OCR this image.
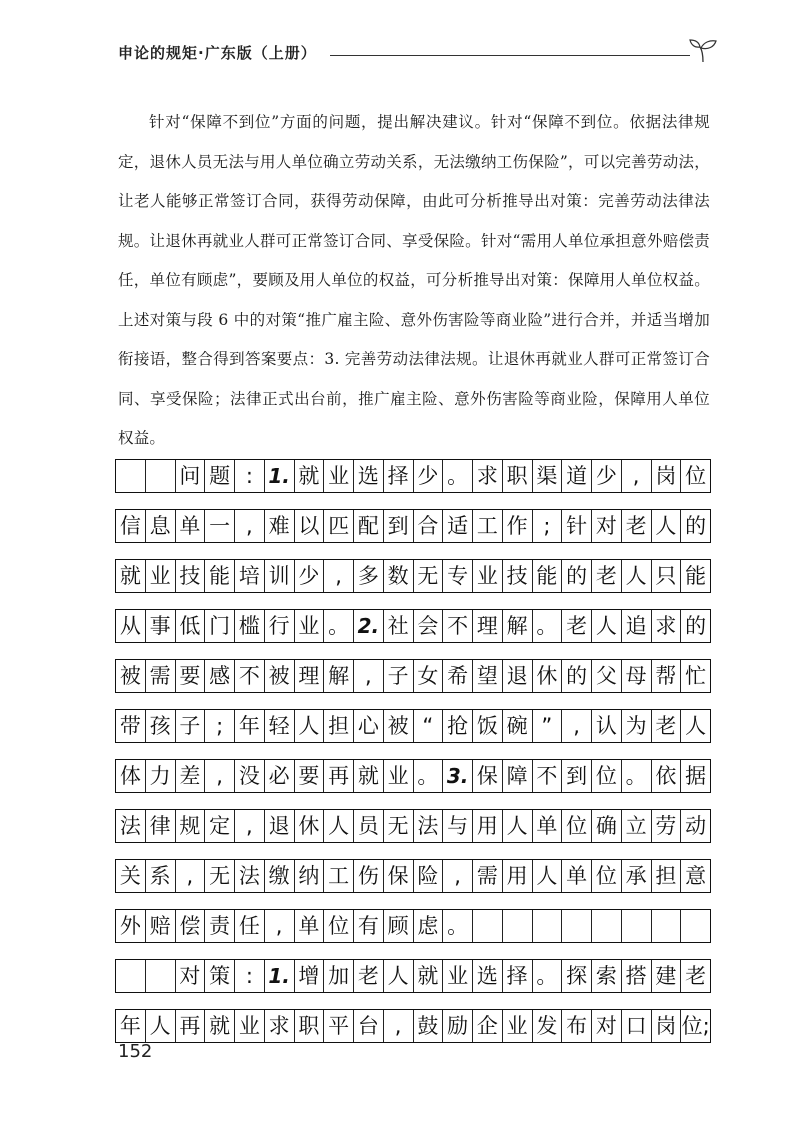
申论的规矩·广东版（上册）

针对“保障不到位”方面的问题，提出解决建议。针对“保障不到位。依据法律规定，退休人员无法与用人单位确立劳动关系，无法缴纳工伤保险”，可以完善劳动法，让老人能够正常签订合同，获得劳动保障，由此可分析推导出对策：完善劳动法律法规。让退休再就业人群可正常签订合同、享受保险。针对“需用人单位承担意外赔偿责任，单位有顾虑”，要顾及用人单位的权益，可分析推导出对策：保障用人单位权益。上述对策与段 6 中的对策“推广雇主险、意外伤害险等商业险”进行合并，并适当增加衔接语，整合得到答案要点：3. 完善劳动法律法规。让退休再就业人群可正常签订合同、享受保险；法律正式出台前，推广雇主险、意外伤害险等商业险，保障用人单位权益。

问 题 : 1. 就 业 选 择 少 。 求 职 渠 道 少 , 岗 位
信 息 单 一 , 难 以 匹 配 到 合 适 工 作 ; 针 对 老 人 的
就 业 技 能 培 训 少 , 多 数 无 专 业 技 能 的 老 人 只 能
从 事 低 门 槛 行 业 。 2. 社 会 不 理 解 。 老 人 追 求 的
被 需 要 感 不 被 理 解 , 子 女 希 望 退 休 的 父 母 帮 忙
带 孩 子 ; 年 轻 人 担 心 被 “ 抢 饭 碗 ” , 认 为 老 人
体 力 差 , 没 必 要 再 就 业 。 3. 保 障 不 到 位 。 依 据
法 律 规 定 , 退 休 人 员 无 法 与 用 人 单 位 确 立 劳 动
关 系 , 无 法 缴 纳 工 伤 保 险 , 需 用 人 单 位 承 担 意
外 赔 偿 责 任 , 单 位 有 顾 虑 。
对 策 : 1. 增 加 老 人 就 业 选 择 。 探 索 搭 建 老
年 人 再 就 业 求 职 平 台 , 鼓 励 企 业 发 布 对 口 岗 位;
152
